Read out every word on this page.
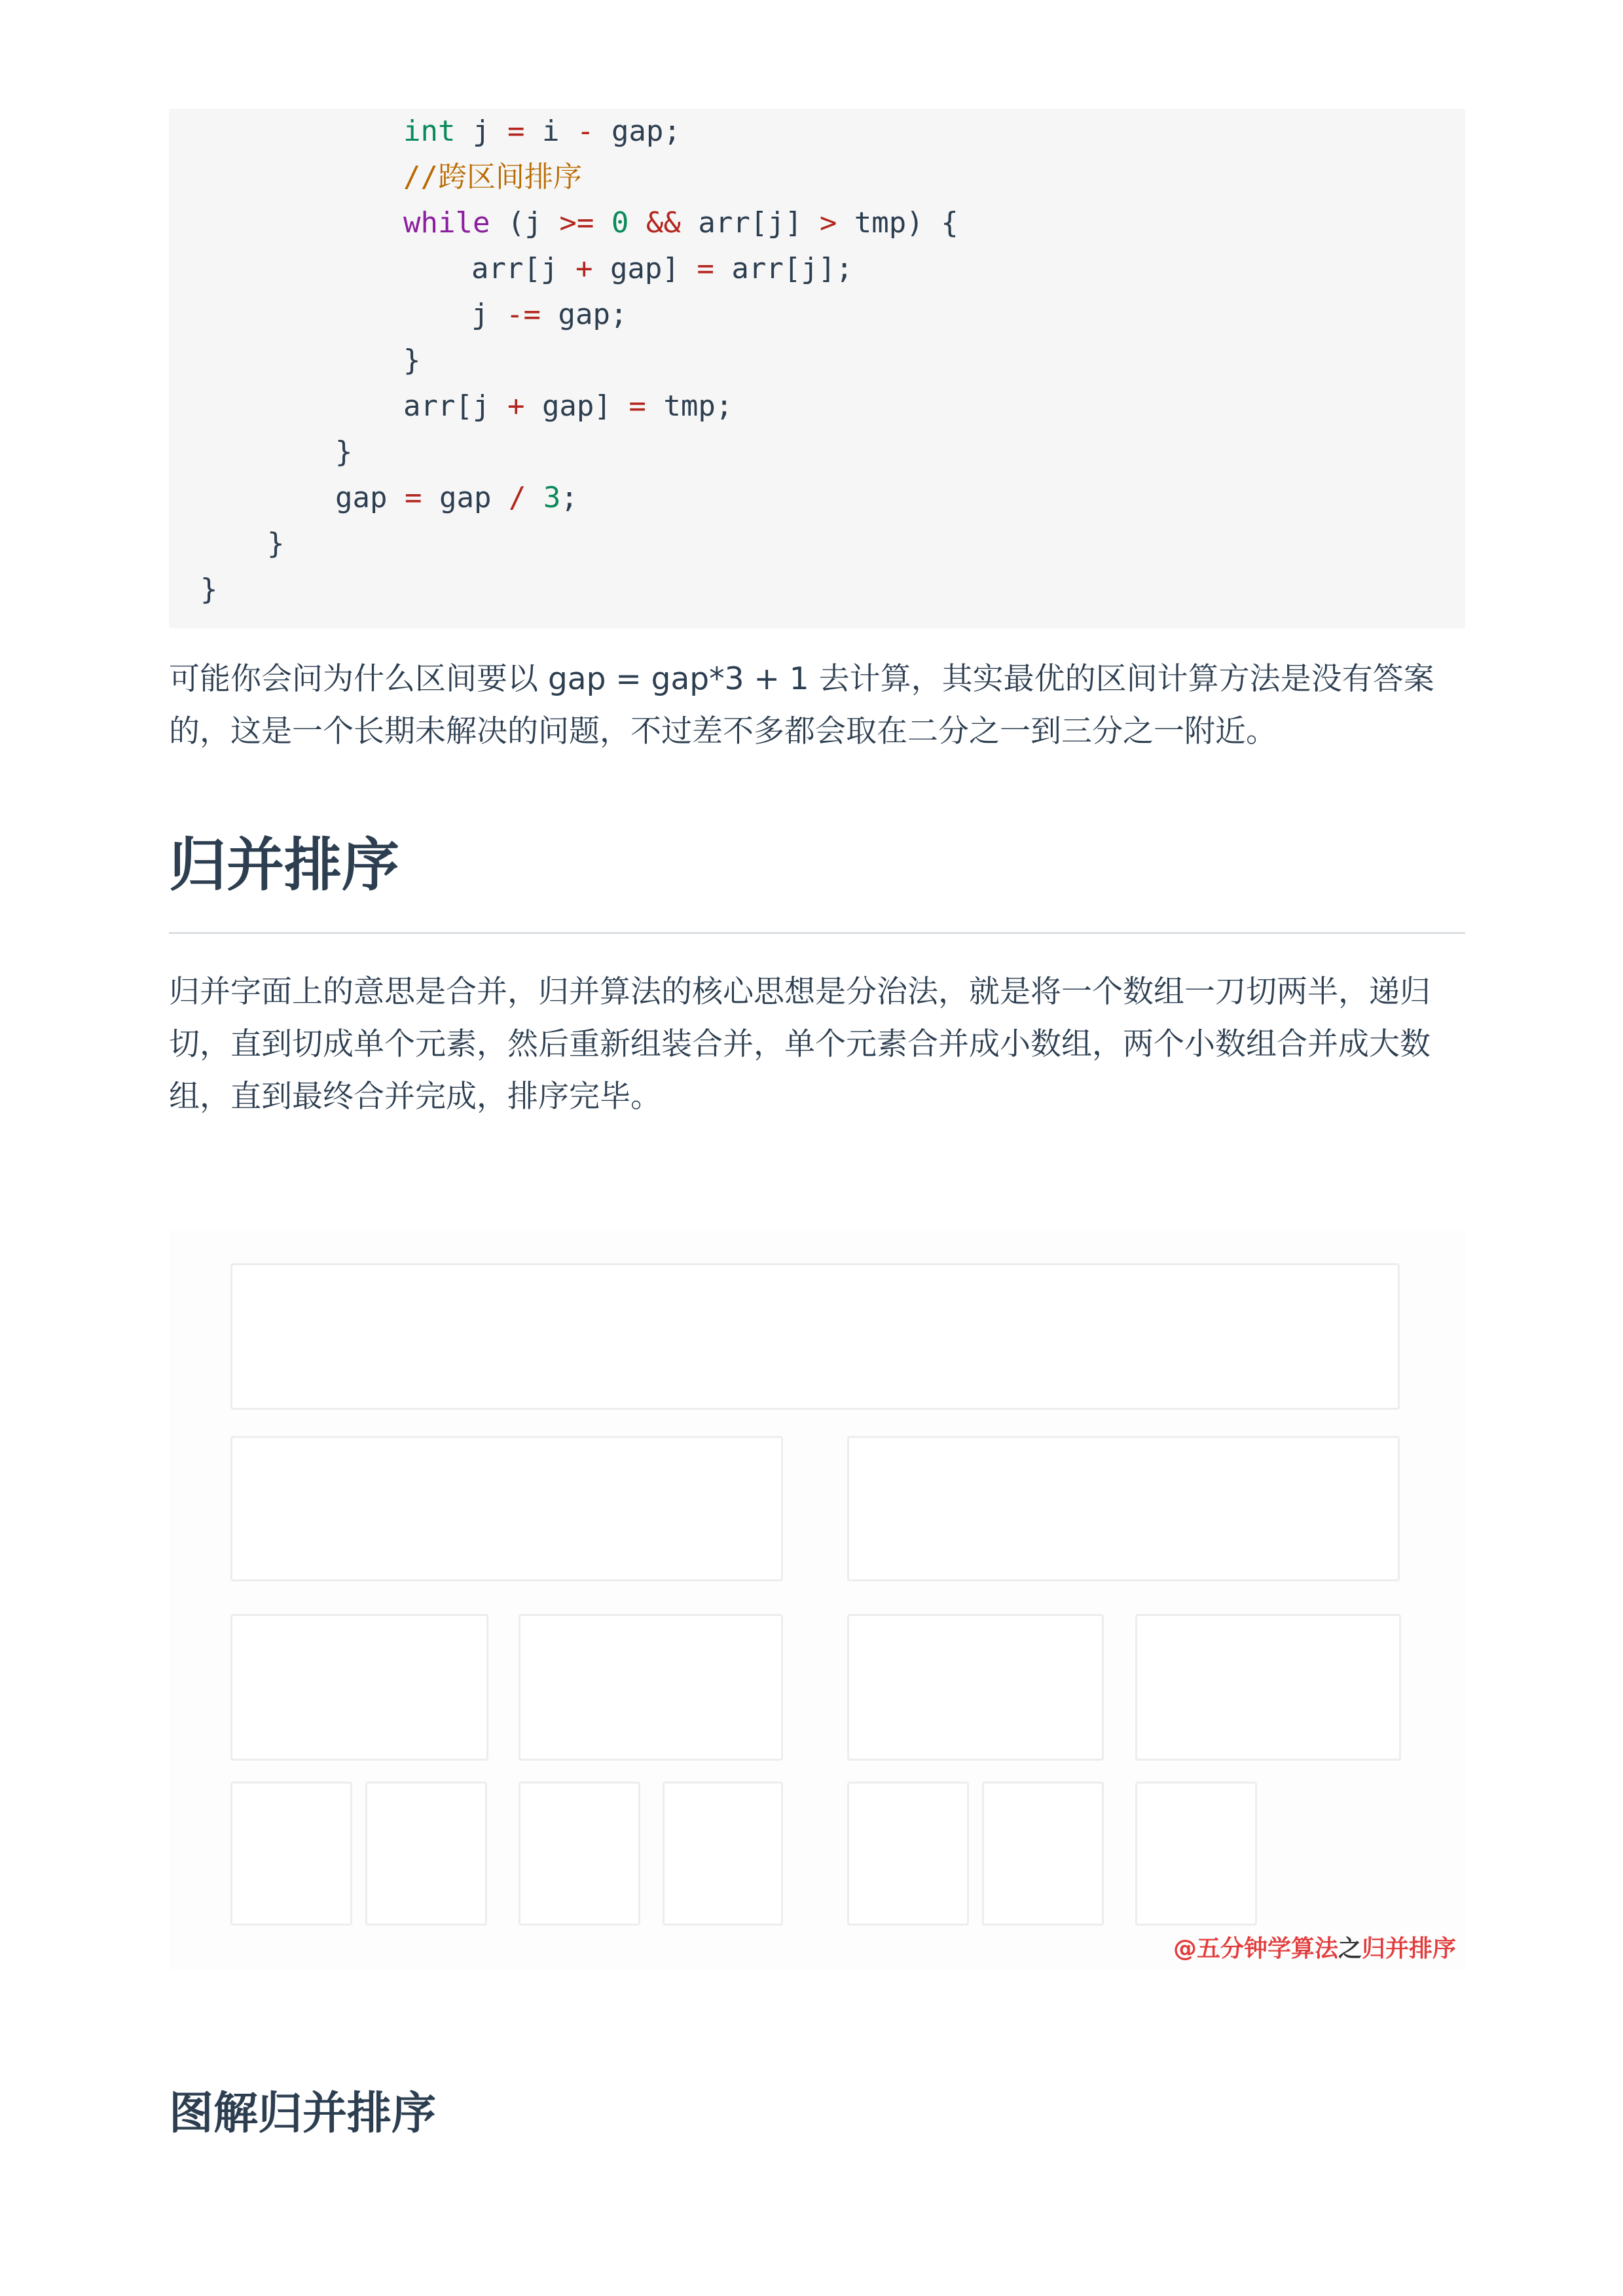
int j = i - gap;
//跨区间排序
while (j >= 0 && arr[j] > tmp) {
arr[j + gap] = arr[j];
j -= gap;
}
arr[j + gap] = tmp;
}
gap = gap / 3;
}
}
可能你会问为什么区间要以 gap = gap*3 + 1 去计算，其实最优的区间计算方法是没有答案的，这是一个长期未解决的问题，不过差不多都会取在二分之一到三分之一附近。
归并排序
归并字面上的意思是合并，归并算法的核心思想是分治法，就是将一个数组一刀切两半，递归切，直到切成单个元素，然后重新组装合并，单个元素合并成小数组，两个小数组合并成大数组，直到最终合并完成，排序完毕。
@五分钟学算法之归并排序
图解归并排序
